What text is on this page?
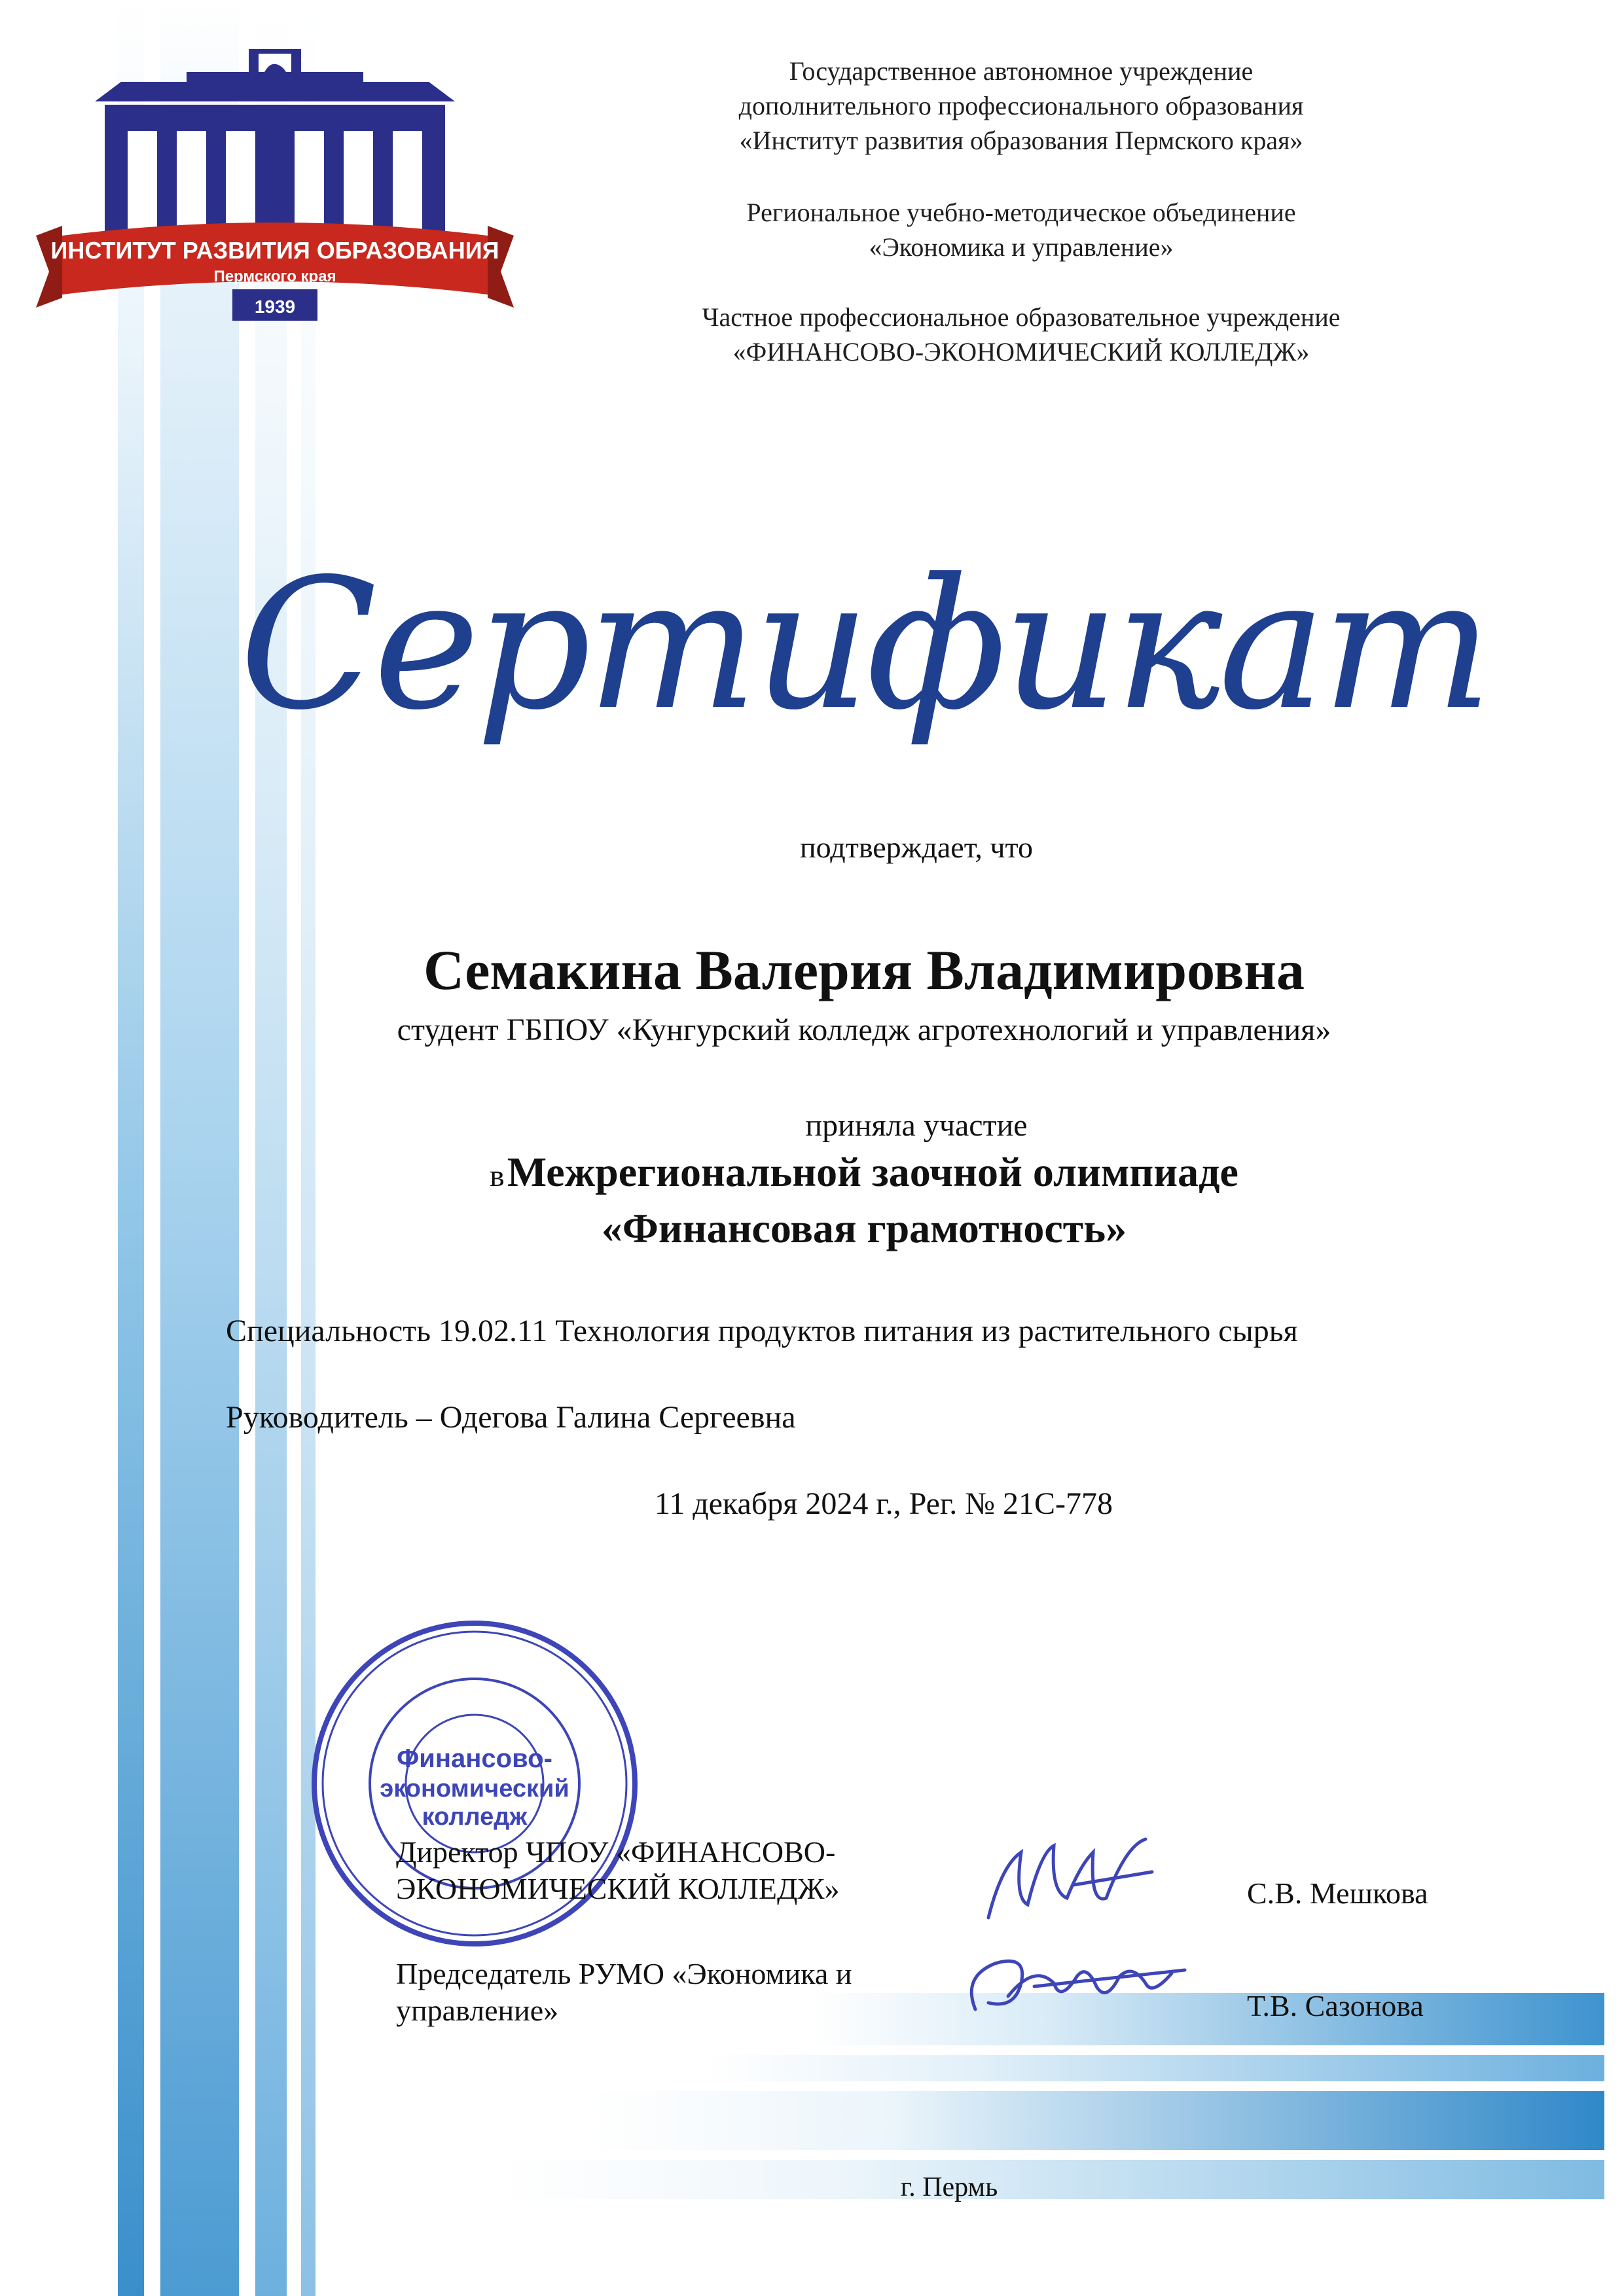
ИНСТИТУТ РАЗВИТИЯ ОБРАЗОВАНИЯ
Пермского края
1939
Государственное автономное учреждение
дополнительного профессионального образования
«Институт развития образования Пермского края»
Региональное учебно-методическое объединение
«Экономика и управление»
Частное профессиональное образовательное учреждение
«ФИНАНСОВО-ЭКОНОМИЧЕСКИЙ КОЛЛЕДЖ»
Сертификат
подтверждает, что
Семакина Валерия Владимировна
студент ГБПОУ «Кунгурский колледж агротехнологий и управления»
приняла участие
в Межрегиональной заочной олимпиаде
«Финансовая грамотность»
Специальность 19.02.11 Технология продуктов питания из растительного сырья
Руководитель – Одегова Галина Сергеевна
11 декабря 2024 г., Рег. № 21С-778
Финансово-
экономический
колледж
Директор ЧПОУ «ФИНАНСОВО-
ЭКОНОМИЧЕСКИЙ КОЛЛЕДЖ»	С.В. Мешкова
Председатель РУМО «Экономика и
управление»	Т.В. Сазонова
г. Пермь
